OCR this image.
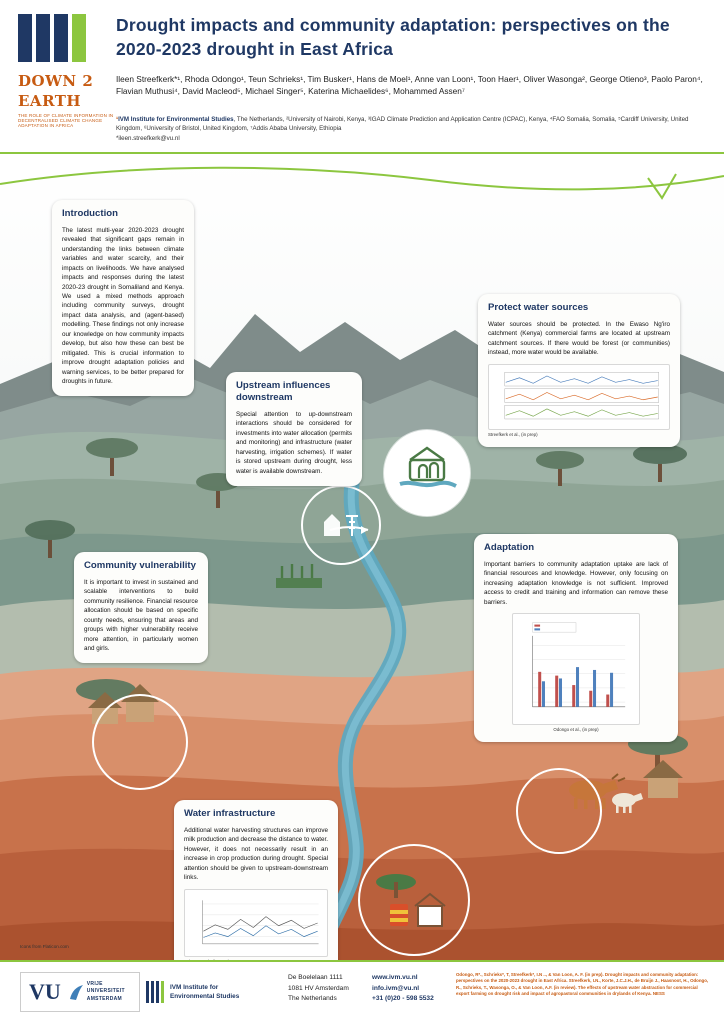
DOWN 2
EARTH
THE ROLE OF CLIMATE INFORMATION IN DECENTRALISED CLIMATE CHANGE ADAPTATION IN AFRICA
Drought impacts and community adaptation: perspectives on the 2020-2023 drought in East Africa
Ileen Streefkerk*¹, Rhoda Odongo¹, Teun Schrieks¹, Tim Busker¹, Hans de Moel¹, Anne van Loon¹, Toon Haer¹, Oliver Wasonga², George Otieno³, Paolo Paron⁴, Flavian Muthusi⁴, David Macleod⁵, Michael Singer⁵, Katerina Michaelides⁶, Mohammed Assen⁷
¹IVM Institute for Environmental Studies, The Netherlands, ²University of Nairobi, Kenya, ³IGAD Climate Prediction and Application Centre (ICPAC), Kenya, ⁴FAO Somalia, Somalia, ⁵Cardiff University, United Kingdom, ⁶University of Bristol, United Kingdom, ⁷Addis Ababa University, Ethiopia
*ileen.streefkerk@vu.nl
Introduction

The latest multi-year 2020-2023 drought revealed that significant gaps remain in understanding the links between climate variables and water scarcity, and their impacts on livelihoods. We have analysed impacts and responses during the latest 2020-23 drought in Somaliland and Kenya. We used a mixed methods approach including community surveys, drought impact data analysis, and (agent-based) modelling. These findings not only increase our knowledge on how community impacts develop, but also how these can best be mitigated. This is crucial information to improve drought adaptation policies and warning services, to be better prepared for droughts in future.	Upstream influences downstream

Special attention to up-downstream interactions should be considered for investments into water allocation (permits and monitoring) and infrastructure (water harvesting, irrigation schemes). If water is stored upstream during drought, less water is available downstream.

Protect water sources

Water sources should be protected. In the Ewaso Ng'iro catchment (Kenya) commercial farms are located at upstream catchment sources. If there would be forest (or communities) instead, more water would be available.

Streefkerk et al., (in prep)
Community vulnerability

It is important to invest in sustained and scalable interventions to build community resilience. Financial resource allocation should be based on specific county needs, ensuring that areas and groups with higher vulnerability receive more attention, in particularly women and girls.

Adaptation

Important barriers to community adaptation uptake are lack of financial resources and knowledge. However, only focusing on increasing adaptation knowledge is not sufficient. Improved access to credit and training and information can remove these barriers.

Odongo et al., (in prep)
Water infrastructure

Additional water harvesting structures can improve milk production and decrease the distance to water. However, it does not necessarily result in an increase in crop production during drought. Special attention should be given to upstream-downstream links.

Icons from Flaticon.com
VU	VRIJE
UNIVERSITEIT
AMSTERDAM
IVM Institute for
Environmental Studies
De Boelelaan 1111
1081 HV Amsterdam
The Netherlands
www.ivm.vu.nl
info.ivm@vu.nl
+31 (0)20 - 598 5532
Odongo, R*., Schrieks*, T, Streefkerk*, I.N .., & Van Loon, A. F. (in prep). Drought impacts and community adaptation: perspectives on the 2020-2023 drought in East Africa. Streefkerk, I.N., Korte, J.C.J.H., de Bruijn J., Haasnoot, H., Odongo, R., Schrieks, T., Wasonga, O., & Van Loon, A.F. (in review). The effects of upstream water abstraction for commercial export farming on drought risk and impact of agropastoral communities in drylands of Kenya. NESS
